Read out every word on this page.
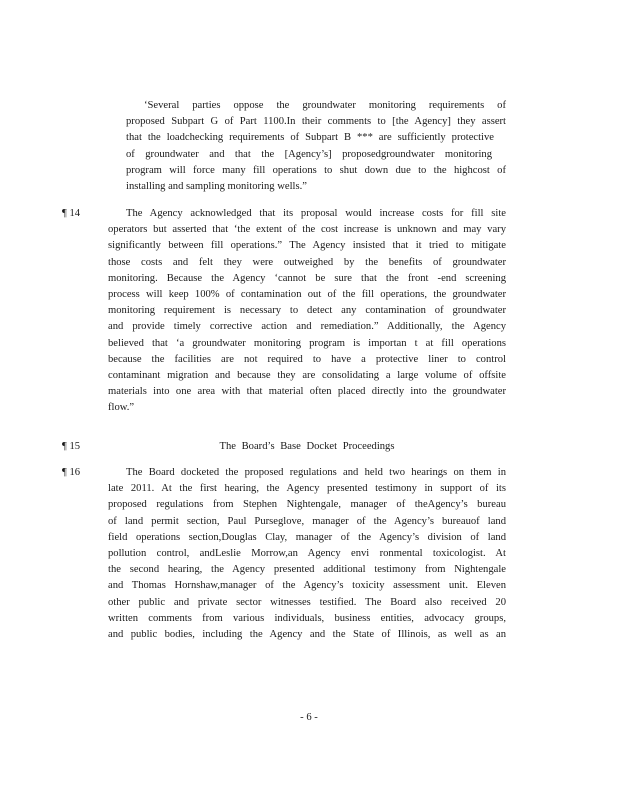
‘Several parties oppose the groundwater monitoring requirements of
proposed Subpart G of Part 1100.In their comments to [the Agency] they assert
that the loadchecking requirements of Subpart B *** are sufficiently protective
of groundwater and that the [Agency’s] proposedgroundwater monitoring
program will force many fill operations to shut down due to the highcost of
installing and sampling monitoring wells.”
¶ 14	The Agency acknowledged that its proposal would increase costs for fill site
operators but asserted that ‘the extent of the cost increase is unknown and may vary
significantly between fill operations.” The Agency insisted that it tried to mitigate
those costs and felt they were outweighed by the benefits of groundwater
monitoring. Because the Agency ‘cannot be sure that the front -end screening
process will keep 100% of contamination out of the fill operations, the groundwater
monitoring requirement is necessary to detect any contamination of groundwater
and provide timely corrective action and remediation.” Additionally, the Agency
believed that ‘a groundwater monitoring program is importan t at fill operations
because the facilities are not required to have a protective liner to control
contaminant migration and because they are consolidating a large volume of offsite
materials into one area with that material often placed directly into the groundwater
flow.”
¶ 15	The Board’s Base Docket Proceedings
¶ 16	The Board docketed the proposed regulations and held two hearings on them in
late 2011. At the first hearing, the Agency presented testimony in support of its
proposed regulations from Stephen Nightengale, manager of theAgency’s bureau
of land permit section, Paul Purseglove, manager of the Agency’s bureauof land
field operations section,Douglas Clay, manager of the Agency’s division of land
pollution control, andLeslie Morrow,an Agency envi ronmental toxicologist. At
the second hearing, the Agency presented additional testimony from Nightengale
and Thomas Hornshaw,manager of the Agency’s toxicity assessment unit. Eleven
other public and private sector witnesses testified. The Board also received 20
written comments from various individuals, business entities, advocacy groups,
and public bodies, including the Agency and the State of Illinois, as well as an
- 6 -
